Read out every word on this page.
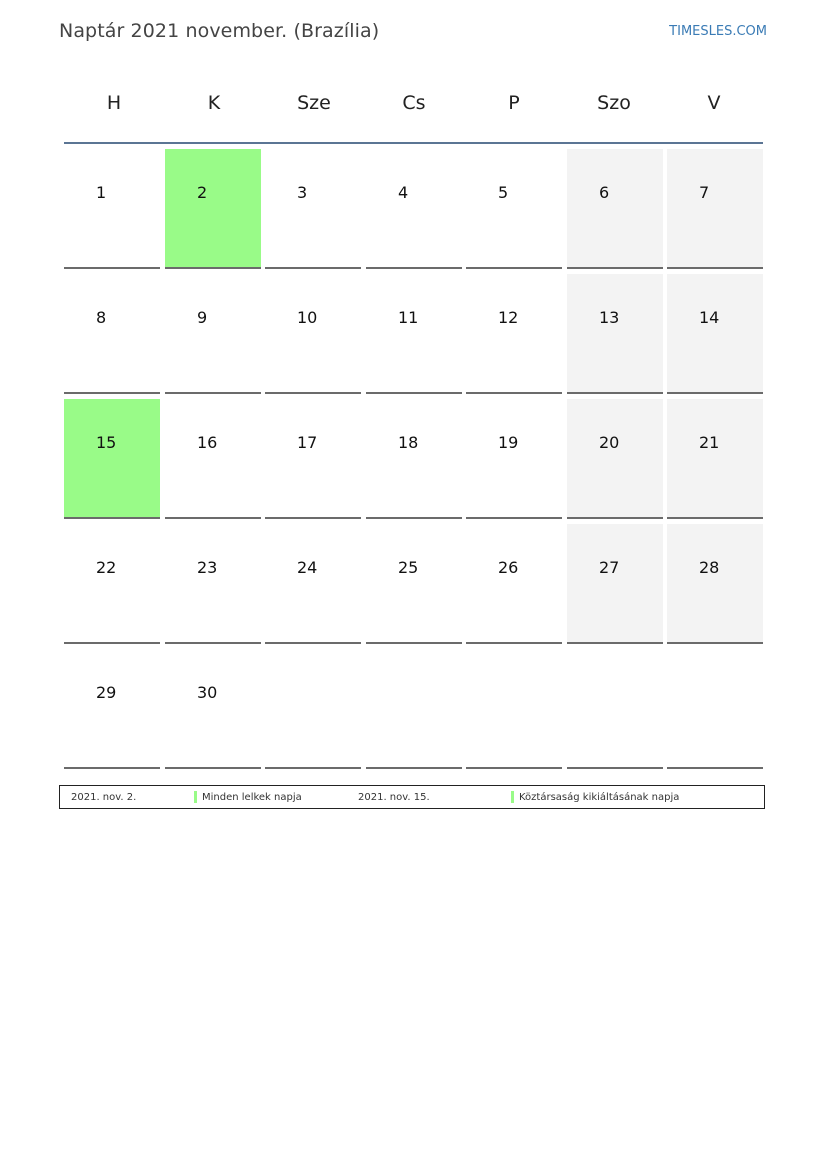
Naptár 2021 november. (Brazília)	TIMESLES.COM
H	K	Sze	Cs	P	Szo	V
1	2	3	4	5	6	7
8	9	10	11	12	13	14
15	16	17	18	19	20	21
22	23	24	25	26	27	28
29	30
2021. nov. 2.	Minden lelkek napja	2021. nov. 15.	Köztársaság kikiáltásának napja
